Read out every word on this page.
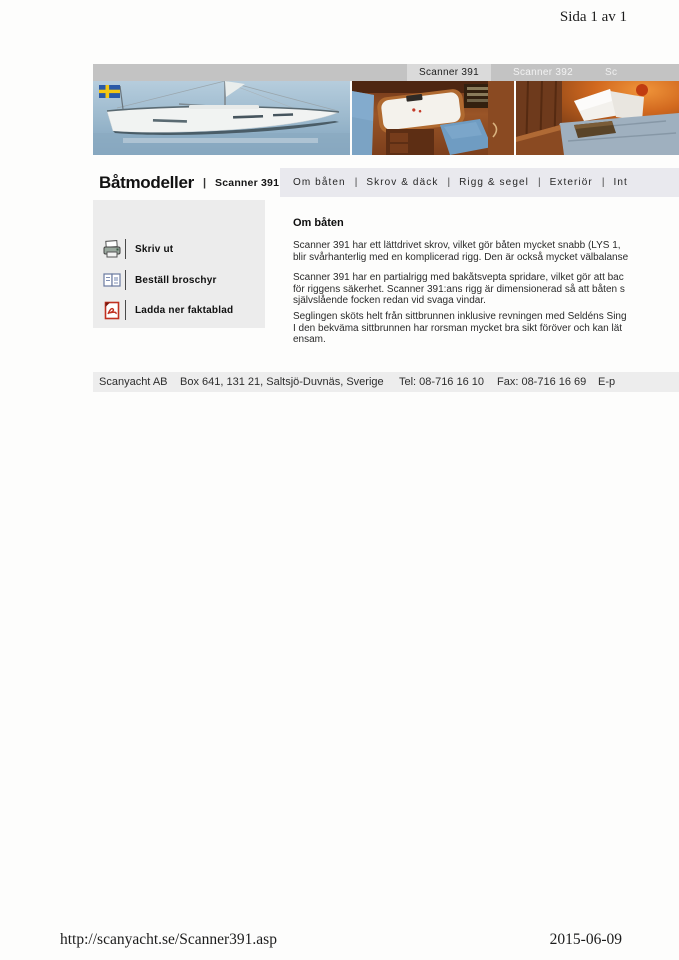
Sida 1 av 1
Scanner 391	Scanner 392	Sc
Båtmodeller | Scanner 391	Om båten | Skrov & däck | Rigg & segel | Exteriör | Int
Skriv ut
Beställ broschyr
Ladda ner faktablad
Om båten
Scanner 391 har ett lättdrivet skrov, vilket gör båten mycket snabb (LYS 1,
blir svårhanterlig med en komplicerad rigg. Den är också mycket välbalanse
Scanner 391 har en partialrigg med bakåtsvepta spridare, vilket gör att bac
för riggens säkerhet. Scanner 391:ans rigg är dimensionerad så att båten s
självslående focken redan vid svaga vindar.
Seglingen sköts helt från sittbrunnen inklusive revningen med Seldéns Sing
I den bekväma sittbrunnen har rorsman mycket bra sikt föröver och kan lät
ensam.
Scanyacht AB Box 641, 131 21, Saltsjö-Duvnäs, Sverige Tel: 08-716 16 10 Fax: 08-716 16 69 E-p
http://scanyacht.se/Scanner391.asp	2015-06-09
